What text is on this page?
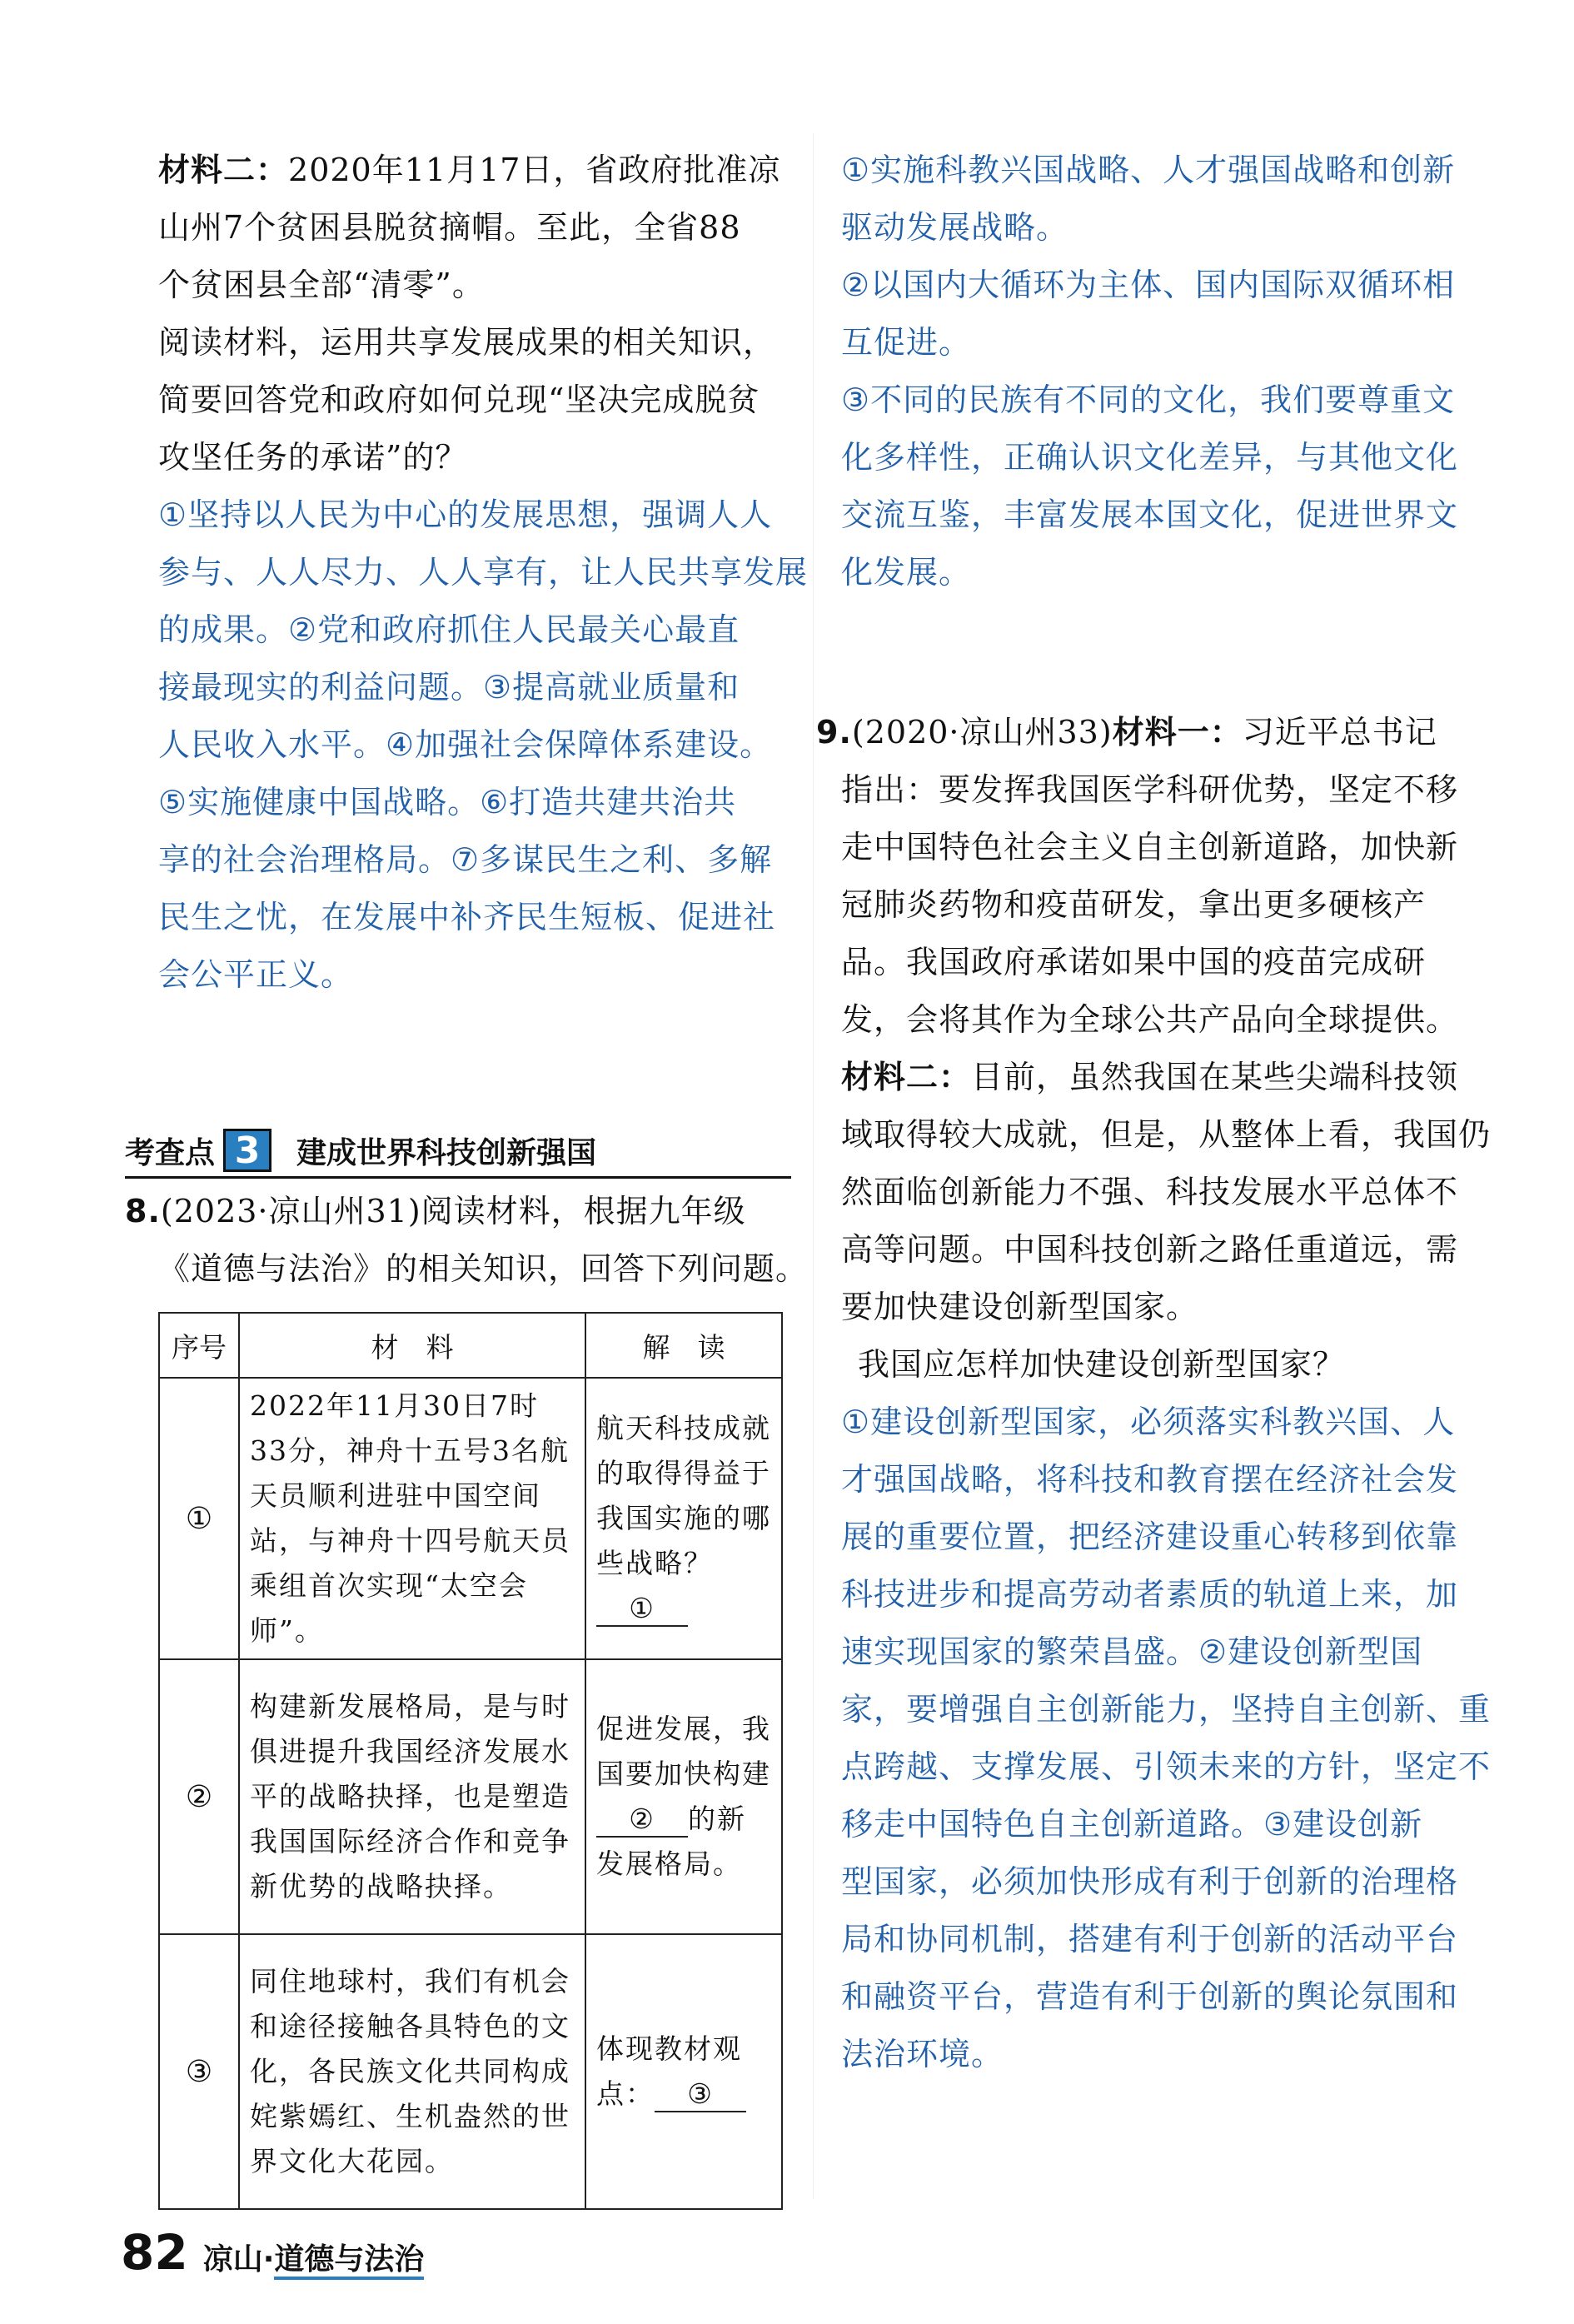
材料二：2020年11月17日，省政府批准凉
山州7个贫困县脱贫摘帽。至此，全省88
个贫困县全部“清零”。
阅读材料，运用共享发展成果的相关知识，
简要回答党和政府如何兑现“坚决完成脱贫
攻坚任务的承诺”的？
①坚持以人民为中心的发展思想，强调人人
参与、人人尽力、人人享有，让人民共享发展
的成果。②党和政府抓住人民最关心最直
接最现实的利益问题。③提高就业质量和
人民收入水平。④加强社会保障体系建设。
⑤实施健康中国战略。⑥打造共建共治共
享的社会治理格局。⑦多谋民生之利、多解
民生之忧，在发展中补齐民生短板、促进社
会公平正义。
考查点 3	建成世界科技创新强国
8.(2023·凉山州31)阅读材料，根据九年级
《道德与法治》的相关知识，回答下列问题。
序号	材　料	解　读
①	2022年11月30日7时33分，神舟十五号3名航天员顺利进驻中国空间站，与神舟十四号航天员乘组首次实现“太空会师”。	航天科技成就的取得得益于我国实施的哪些战略？①
②	构建新发展格局，是与时俱进提升我国经济发展水平的战略抉择，也是塑造我国国际经济合作和竞争新优势的战略抉择。	促进发展，我国要加快构建② 的新发展格局。
③	同住地球村，我们有机会和途径接触各具特色的文化，各民族文化共同构成姹紫嫣红、生机盎然的世界文化大花园。	体现教材观点： ③
①实施科教兴国战略、人才强国战略和创新
驱动发展战略。
②以国内大循环为主体、国内国际双循环相
互促进。
③不同的民族有不同的文化，我们要尊重文
化多样性，正确认识文化差异，与其他文化
交流互鉴，丰富发展本国文化，促进世界文
化发展。
9.(2020·凉山州33)材料一：习近平总书记
指出：要发挥我国医学科研优势，坚定不移
走中国特色社会主义自主创新道路，加快新
冠肺炎药物和疫苗研发，拿出更多硬核产
品。我国政府承诺如果中国的疫苗完成研
发，会将其作为全球公共产品向全球提供。
材料二：目前，虽然我国在某些尖端科技领
域取得较大成就，但是，从整体上看，我国仍
然面临创新能力不强、科技发展水平总体不
高等问题。中国科技创新之路任重道远，需
要加快建设创新型国家。
我国应怎样加快建设创新型国家？
①建设创新型国家，必须落实科教兴国、人
才强国战略，将科技和教育摆在经济社会发
展的重要位置，把经济建设重心转移到依靠
科技进步和提高劳动者素质的轨道上来，加
速实现国家的繁荣昌盛。②建设创新型国
家，要增强自主创新能力，坚持自主创新、重
点跨越、支撑发展、引领未来的方针，坚定不
移走中国特色自主创新道路。③建设创新
型国家，必须加快形成有利于创新的治理格
局和协同机制，搭建有利于创新的活动平台
和融资平台，营造有利于创新的舆论氛围和
法治环境。
82 凉山·道德与法治
